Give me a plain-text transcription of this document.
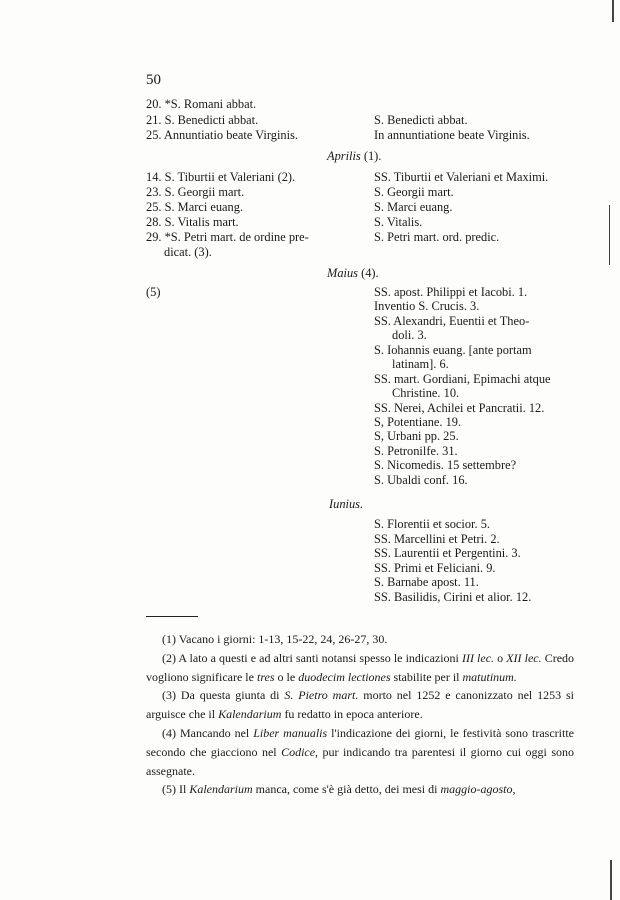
50
20. *S. Romani abbat.
21. S. Benedicti abbat.	S. Benedicti abbat.
25. Annuntiatio beate Virginis.	In annuntiatione beate Virginis.
Aprilis (1).
14. S. Tiburtii et Valeriani (2).	SS. Tiburtii et Valeriani et Maximi.
23. S. Georgii mart.	S. Georgii mart.
25. S. Marci euang.	S. Marci euang.
28. S. Vitalis mart.	S. Vitalis.
29. *S. Petri mart. de ordine pre-	S. Petri mart. ord. predic.
dicat. (3).
Maius (4).
(5)	SS. apost. Philippi et Iacobi. 1.
Inventio S. Crucis. 3.
SS. Alexandri, Euentii et Theo-
doli. 3.
S. Iohannis euang. [ante portam
latinam]. 6.
SS. mart. Gordiani, Epimachi atque
Christine. 10.
SS. Nerei, Achilei et Pancratii. 12.
S, Potentiane. 19.
S, Urbani pp. 25.
S. Petronilfe. 31.
S. Nicomedis. 15 settembre?
S. Ubaldi conf. 16.
Iunius.
S. Florentii et socior. 5.
SS. Marcellini et Petri. 2.
SS. Laurentii et Pergentini. 3.
SS. Primi et Feliciani. 9.
S. Barnabe apost. 11.
SS. Basilidis, Cirini et alior. 12.

(1) Vacano i giorni: 1-13, 15-22, 24, 26-27, 30.

(2) A lato a questi e ad altri santi notansi spesso le indicazioni III lec. o XII lec. Credo vogliono significare le tres o le duodecim lectiones stabilite per il matutinum.

(3) Da questa giunta di S. Pietro mart. morto nel 1252 e canonizzato nel 1253 si arguisce che il Kalendarium fu redatto in epoca anteriore.

(4) Mancando nel Liber manualis l'indicazione dei giorni, le festività sono trascritte secondo che giacciono nel Codice, pur indicando tra parentesi il giorno cui oggi sono assegnate.

(5) Il Kalendarium manca, come s'è già detto, dei mesi di maggio-agosto,
